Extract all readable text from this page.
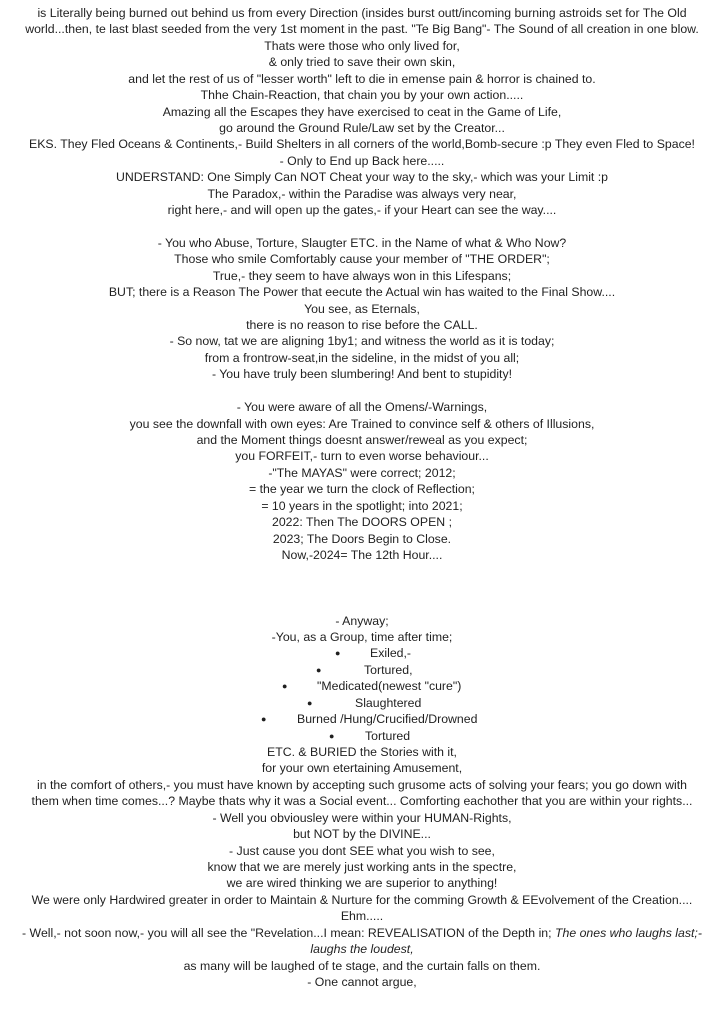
is Literally being burned out behind us from every Direction (insides burst outt/incoming burning astroids set for The Old
world...then, te last blast seeded from the very 1st moment in the past. "Te Big Bang"- The Sound of all creation in one blow.
Thats were those who only lived for,
& only tried to save their own skin,
and let the rest of us of "lesser worth" left to die in emense pain & horror is chained to.
Thhe Chain-Reaction, that chain you by your own action.....
Amazing all the Escapes they have exercised to ceat in the Game of Life,
go around the Ground Rule/Law set by the Creator...
EKS. They Fled Oceans & Continents,- Build Shelters in all corners of the world,Bomb-secure :p They even Fled to Space!
- Only to End up Back here.....
UNDERSTAND: One Simply Can NOT Cheat your way to the sky,- which was your Limit :p
The Paradox,- within the Paradise was always very near,
right here,- and will open up the gates,- if your Heart can see the way....
- You who Abuse, Torture, Slaugter ETC. in the Name of what & Who Now?
Those who smile Comfortably cause your member of "THE ORDER";
True,- they seem to have always won in this Lifespans;
BUT; there is a Reason The Power that eecute the Actual win has waited to the Final Show....
You see, as Eternals,
there is no reason to rise before the CALL.
- So now, tat we are aligning 1by1; and witness the world as it is today;
from a frontrow-seat,in the sideline, in the midst of you all;
- You have truly been slumbering! And bent to stupidity!
- You were aware of all the Omens/-Warnings,
you see the downfall with own eyes: Are Trained to convince self & others of Illusions,
and the Moment things doesnt answer/reweal as you expect;
you FORFEIT,- turn to even worse behaviour...
-"The MAYAS" were correct; 2012;
= the year we turn the clock of Reflection;
= 10 years in the spotlight; into 2021;
2022: Then The DOORS OPEN ;
2023; The Doors Begin to Close.
Now,-2024= The 12th Hour....
- Anyway;
-You, as a Group, time after time;
● Exiled,-
●	Tortured,
● "Medicated(newest "cure")
●	Slaughtered
● Burned /Hung/Crucified/Drowned
● Tortured
ETC. & BURIED the Stories with it,
for your own etertaining Amusement,
in the comfort of others,- you must have known by accepting such grusome acts of solving your fears; you go down with
them when time comes...? Maybe thats why it was a Social event... Comforting eachother that you are within your rights...
- Well you obviousley were within your HUMAN-Rights,
but NOT by the DIVINE...
- Just cause you dont SEE what you wish to see,
know that we are merely just working ants in the spectre,
we are wired thinking we are superior to anything!
We were only Hardwired greater in order to Maintain & Nurture for the comming Growth & EEvolvement of the Creation....
Ehm.....
- Well,- not soon now,- you will all see the "Revelation...I mean: REVEALISATION of the Depth in; The ones who laughs last;-
laughs the loudest,
as many will be laughed of te stage, and the curtain falls on them.
- One cannot argue,
